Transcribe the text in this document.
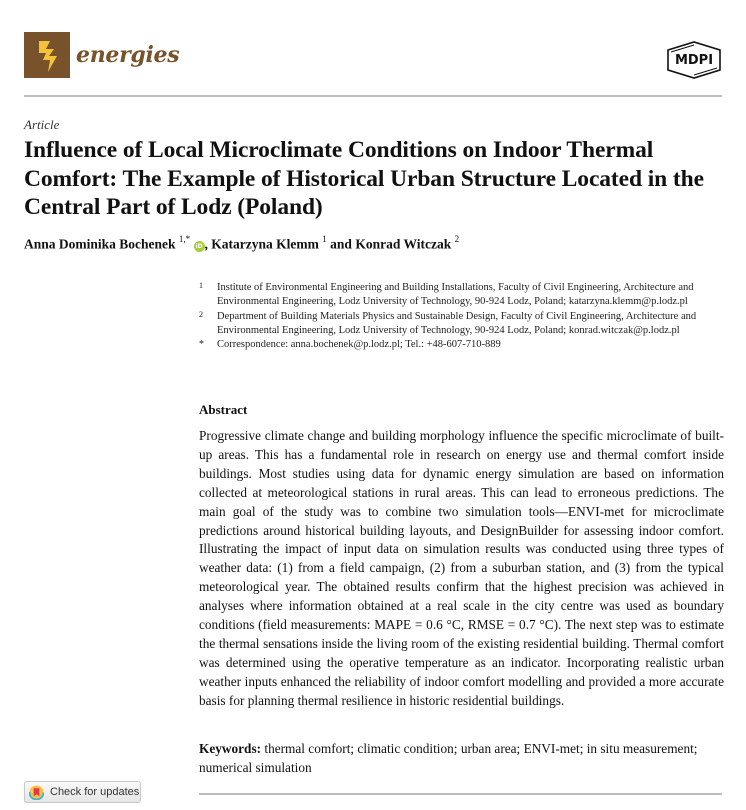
energies	MDPI
Article
Influence of Local Microclimate Conditions on Indoor Thermal Comfort: The Example of Historical Urban Structure Located in the Central Part of Lodz (Poland)
Anna Dominika Bochenek $^{1,*}$ iD , Katarzyna Klemm $^1$ and Konrad Witczak $^2$
1 Institute of Environmental Engineering and Building Installations, Faculty of Civil Engineering, Architecture and Environmental Engineering, Lodz University of Technology, 90-924 Lodz, Poland; katarzyna.klemm@p.lodz.pl
2 Department of Building Materials Physics and Sustainable Design, Faculty of Civil Engineering, Architecture and Environmental Engineering, Lodz University of Technology, 90-924 Lodz, Poland; konrad.witczak@p.lodz.pl
* Correspondence: anna.bochenek@p.lodz.pl; Tel.: +48-607-710-889
Abstract
Progressive climate change and building morphology influence the specific microclimate of built-up areas. This has a fundamental role in research on energy use and thermal comfort inside buildings. Most studies using data for dynamic energy simulation are based on information collected at meteorological stations in rural areas. This can lead to erroneous predictions. The main goal of the study was to combine two simulation tools—ENVI-met for microclimate predictions around historical building layouts, and DesignBuilder for assessing indoor comfort. Illustrating the impact of input data on simulation results was conducted using three types of weather data: (1) from a field campaign, (2) from a suburban station, and (3) from the typical meteorological year. The obtained results confirm that the highest precision was achieved in analyses where information obtained at a real scale in the city centre was used as boundary conditions (field measurements: MAPE = 0.6 °C, RMSE = 0.7 °C). The next step was to estimate the thermal sensations inside the living room of the existing residential building. Thermal comfort was determined using the operative temperature as an indicator. Incorporating realistic urban weather inputs enhanced the reliability of indoor comfort modelling and provided a more accurate basis for planning thermal resilience in historic residential buildings.
Keywords: thermal comfort; climatic condition; urban area; ENVI-met; in situ measurement; numerical simulation
Check for updates
